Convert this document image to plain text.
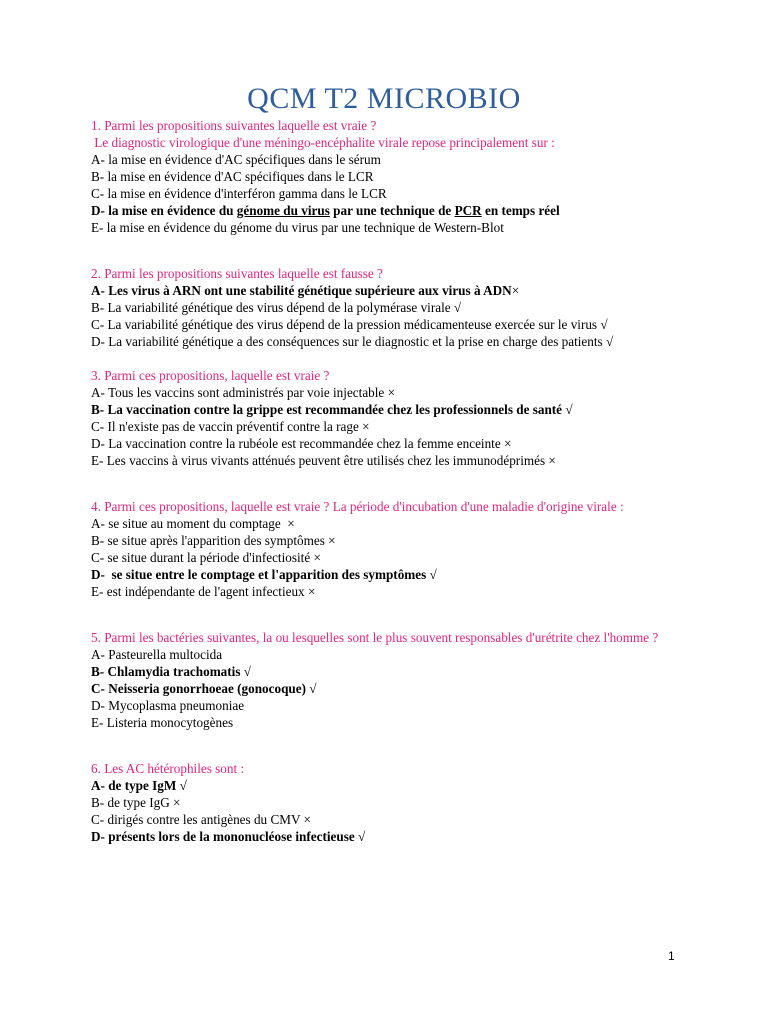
QCM T2 MICROBIO
1. Parmi les propositions suivantes laquelle est vraie ?
Le diagnostic virologique d'une méningo-encéphalite virale repose principalement sur :
A- la mise en évidence d'AC spécifiques dans le sérum
B- la mise en évidence d'AC spécifiques dans le LCR
C- la mise en évidence d'interféron gamma dans le LCR
D- la mise en évidence du génome du virus par une technique de PCR en temps réel
E- la mise en évidence du génome du virus par une technique de Western-Blot
2. Parmi les propositions suivantes laquelle est fausse ?
A- Les virus à ARN ont une stabilité génétique supérieure aux virus à ADN×
B- La variabilité génétique des virus dépend de la polymérase virale √
C- La variabilité génétique des virus dépend de la pression médicamenteuse exercée sur le virus √
D- La variabilité génétique a des conséquences sur le diagnostic et la prise en charge des patients √
3. Parmi ces propositions, laquelle est vraie ?
A- Tous les vaccins sont administrés par voie injectable ×
B- La vaccination contre la grippe est recommandée chez les professionnels de santé √
C- Il n'existe pas de vaccin préventif contre la rage ×
D- La vaccination contre la rubéole est recommandée chez la femme enceinte ×
E- Les vaccins à virus vivants atténués peuvent être utilisés chez les immunodéprimés ×
4. Parmi ces propositions, laquelle est vraie ? La période d'incubation d'une maladie d'origine virale :
A- se situe au moment du comptage  ×
B- se situe après l'apparition des symptômes ×
C- se situe durant la période d'infectiosité ×
D-  se situe entre le comptage et l'apparition des symptômes √
E- est indépendante de l'agent infectieux ×
5. Parmi les bactéries suivantes, la ou lesquelles sont le plus souvent responsables d'urétrite chez l'homme ?
A- Pasteurella multocida
B- Chlamydia trachomatis √
C- Neisseria gonorrhoeae (gonocoque) √
D- Mycoplasma pneumoniae
E- Listeria monocytogènes
6. Les AC hétérophiles sont :
A- de type IgM √
B- de type IgG ×
C- dirigés contre les antigènes du CMV ×
D- présents lors de la mononucléose infectieuse √
1
